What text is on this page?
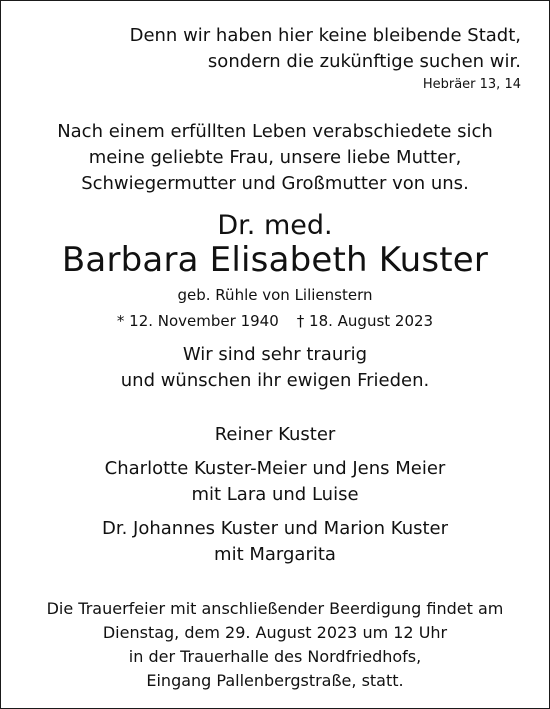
Denn wir haben hier keine bleibende Stadt,
sondern die zukünftige suchen wir.
Hebräer 13, 14
Nach einem erfüllten Leben verabschiedete sich
meine geliebte Frau, unsere liebe Mutter,
Schwiegermutter und Großmutter von uns.
Dr. med.
Barbara Elisabeth Kuster
geb. Rühle von Lilienstern
* 12. November 1940 † 18. August 2023
Wir sind sehr traurig
und wünschen ihr ewigen Frieden.
Reiner Kuster
Charlotte Kuster-Meier und Jens Meier
mit Lara und Luise
Dr. Johannes Kuster und Marion Kuster
mit Margarita
Die Trauerfeier mit anschließender Beerdigung findet am
Dienstag, dem 29. August 2023 um 12 Uhr
in der Trauerhalle des Nordfriedhofs,
Eingang Pallenbergstraße, statt.
